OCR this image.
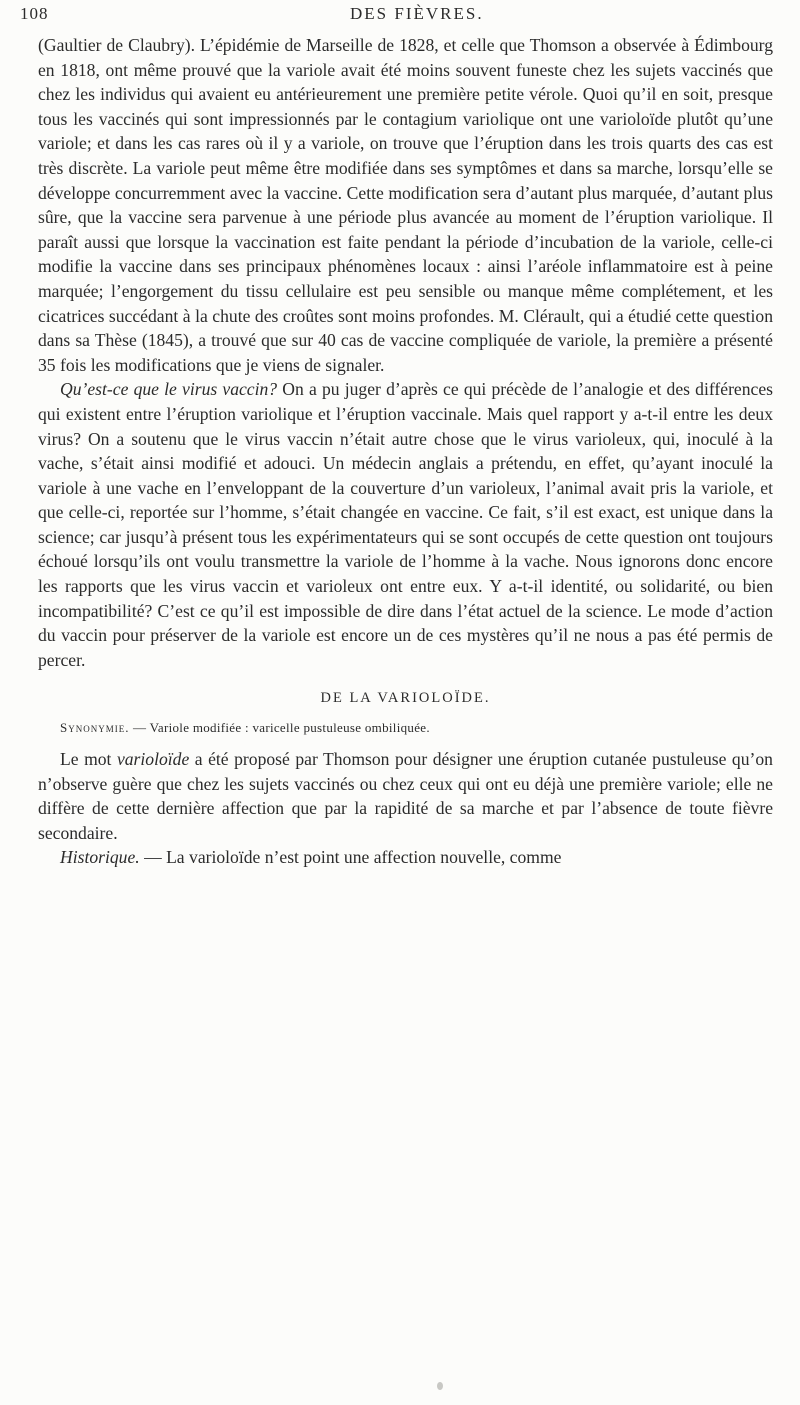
108	DES FIÈVRES.

(Gaultier de Claubry). L’épidémie de Marseille de 1828, et celle que Thomson a observée à Édimbourg en 1818, ont même prouvé que la variole avait été moins souvent funeste chez les sujets vaccinés que chez les individus qui avaient eu antérieurement une première petite vérole. Quoi qu’il en soit, presque tous les vaccinés qui sont impressionnés par le contagium variolique ont une varioloïde plutôt qu’une variole; et dans les cas rares où il y a variole, on trouve que l’éruption dans les trois quarts des cas est très discrète. La variole peut même être modifiée dans ses symptômes et dans sa marche, lorsqu’elle se développe concurremment avec la vaccine. Cette modification sera d’autant plus marquée, d’autant plus sûre, que la vaccine sera parvenue à une période plus avancée au moment de l’éruption variolique. Il paraît aussi que lorsque la vaccination est faite pendant la période d’incubation de la variole, celle-ci modifie la vaccine dans ses principaux phénomènes locaux : ainsi l’aréole inflammatoire est à peine marquée; l’engorgement du tissu cellulaire est peu sensible ou manque même complétement, et les cicatrices succédant à la chute des croûtes sont moins profondes. M. Clérault, qui a étudié cette question dans sa Thèse (1845), a trouvé que sur 40 cas de vaccine compliquée de variole, la première a présenté 35 fois les modifications que je viens de signaler.

Qu’est-ce que le virus vaccin? On a pu juger d’après ce qui précède de l’analogie et des différences qui existent entre l’éruption variolique et l’éruption vaccinale. Mais quel rapport y a-t-il entre les deux virus? On a soutenu que le virus vaccin n’était autre chose que le virus varioleux, qui, inoculé à la vache, s’était ainsi modifié et adouci. Un médecin anglais a prétendu, en effet, qu’ayant inoculé la variole à une vache en l’enveloppant de la couverture d’un varioleux, l’animal avait pris la variole, et que celle-ci, reportée sur l’homme, s’était changée en vaccine. Ce fait, s’il est exact, est unique dans la science; car jusqu’à présent tous les expérimentateurs qui se sont occupés de cette question ont toujours échoué lorsqu’ils ont voulu transmettre la variole de l’homme à la vache. Nous ignorons donc encore les rapports que les virus vaccin et varioleux ont entre eux. Y a-t-il identité, ou solidarité, ou bien incompatibilité? C’est ce qu’il est impossible de dire dans l’état actuel de la science. Le mode d’action du vaccin pour préserver de la variole est encore un de ces mystères qu’il ne nous a pas été permis de percer.

DE LA VARIOLOÏDE.

Synonymie. — Variole modifiée : varicelle pustuleuse ombiliquée.

Le mot varioloïde a été proposé par Thomson pour désigner une éruption cutanée pustuleuse qu’on n’observe guère que chez les sujets vaccinés ou chez ceux qui ont eu déjà une première variole; elle ne diffère de cette dernière affection que par la rapidité de sa marche et par l’absence de toute fièvre secondaire.

Historique. — La varioloïde n’est point une affection nouvelle, comme
